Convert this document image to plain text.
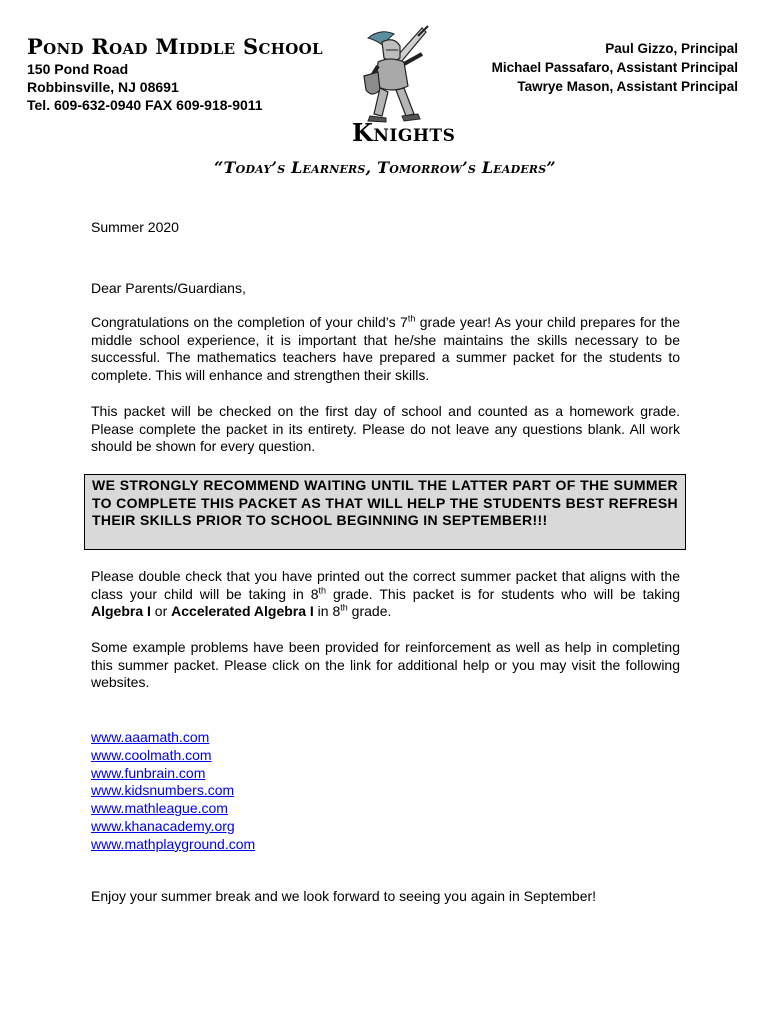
Pond Road Middle School
150 Pond Road
Robbinsville, NJ 08691
Tel. 609-632-0940 FAX 609-918-9011
Paul Gizzo, Principal
Michael Passafaro, Assistant Principal
Tawrye Mason, Assistant Principal
Knights
“Today’s Learners, Tomorrow’s Leaders”

Summer 2020

Dear Parents/Guardians,

Congratulations on the completion of your child’s 7th grade year! As your child prepares for the middle school experience, it is important that he/she maintains the skills necessary to be successful. The mathematics teachers have prepared a summer packet for the students to complete. This will enhance and strengthen their skills.

This packet will be checked on the first day of school and counted as a homework grade. Please complete the packet in its entirety. Please do not leave any questions blank. All work should be shown for every question.

WE STRONGLY RECOMMEND WAITING UNTIL THE LATTER PART OF THE SUMMER TO COMPLETE THIS PACKET AS THAT WILL HELP THE STUDENTS BEST REFRESH THEIR SKILLS PRIOR TO SCHOOL BEGINNING IN SEPTEMBER!!!

Please double check that you have printed out the correct summer packet that aligns with the class your child will be taking in 8th grade. This packet is for students who will be taking Algebra I or Accelerated Algebra I in 8th grade.

Some example problems have been provided for reinforcement as well as help in completing this summer packet. Please click on the link for additional help or you may visit the following websites.

www.aaamath.com
www.coolmath.com
www.funbrain.com
www.kidsnumbers.com
www.mathleague.com
www.khanacademy.org
www.mathplayground.com
Enjoy your summer break and we look forward to seeing you again in September!
